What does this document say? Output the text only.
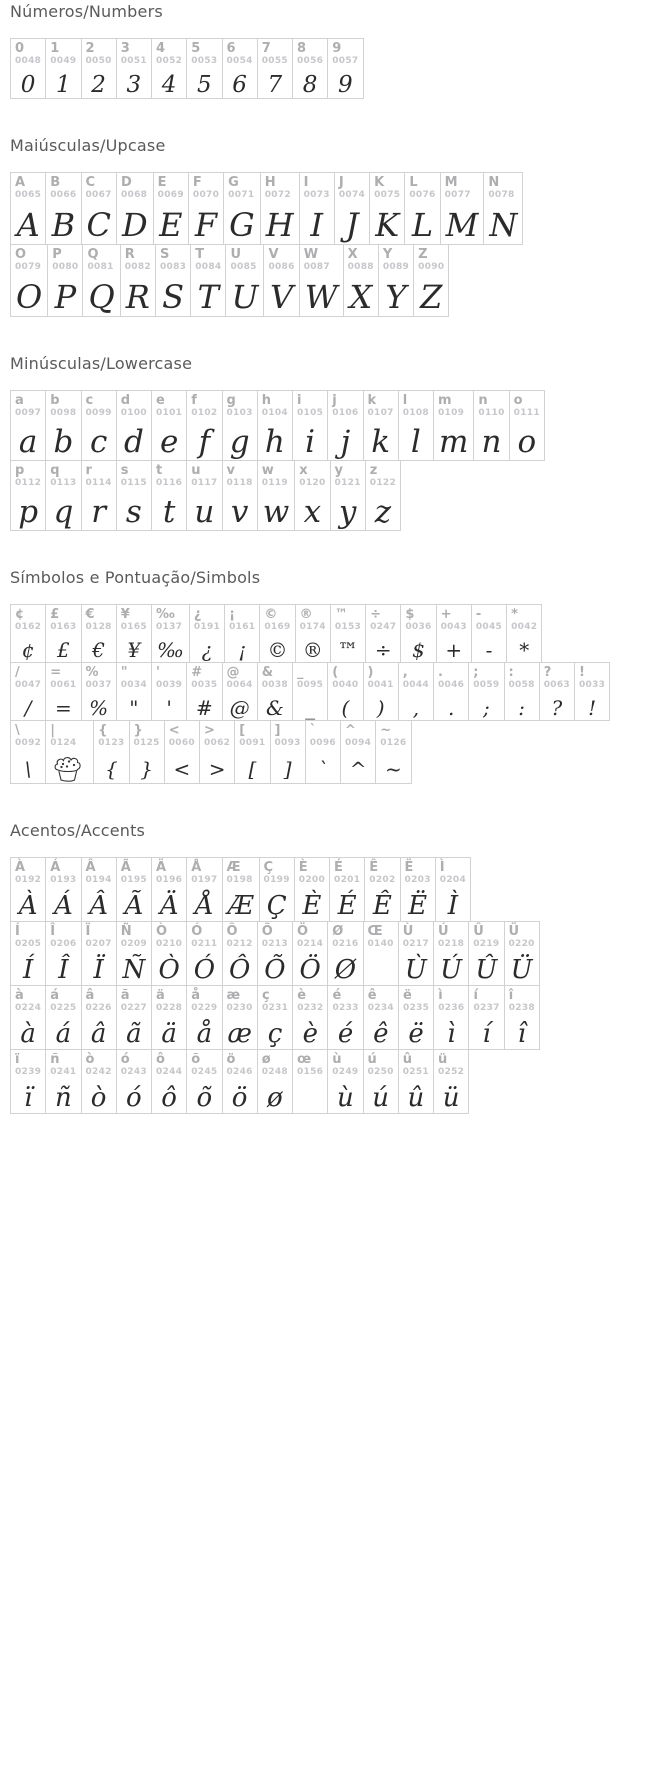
Números/Numbers
0
0048
0
1
0049
1
2
0050
2
3
0051
3
4
0052
4
5
0053
5
6
0054
6
7
0055
7
8
0056
8
9
0057
9
Maiúsculas/Upcase
A
0065
A
B
0066
B
C
0067
C
D
0068
D
E
0069
E
F
0070
F
G
0071
G
H
0072
H
I
0073
I
J
0074
J
K
0075
K
L
0076
L
M
0077
M
N
0078
N
O
0079
O
P
0080
P
Q
0081
Q
R
0082
R
S
0083
S
T
0084
T
U
0085
U
V
0086
V
W
0087
W
X
0088
X
Y
0089
Y
Z
0090
Z
Minúsculas/Lowercase
a
0097
a
b
0098
b
c
0099
c
d
0100
d
e
0101
e
f
0102
f
g
0103
g
h
0104
h
i
0105
i
j
0106
j
k
0107
k
l
0108
l
m
0109
m
n
0110
n
o
0111
o
p
0112
p
q
0113
q
r
0114
r
s
0115
s
t
0116
t
u
0117
u
v
0118
v
w
0119
w
x
0120
x
y
0121
y
z
0122
z
Símbolos e Pontuação/Simbols
¢
0162
¢
£
0163
£
€
0128
€
¥
0165
¥
‰
0137
‰
¿
0191
¿
¡
0161
¡
©
0169
©
®
0174
®
™
0153
™
÷
0247
÷
$
0036
$
+
0043
+
-
0045
-
*
0042
*
/
0047
/
=
0061
=
%
0037
%
"
0034
"
'
0039
'
#
0035
#
@
0064
@
&
0038
&
_
0095
_
(
0040
(
)
0041
)
,
0044
,
.
0046
.
;
0059
;
:
0058
:
?
0063
?
!
0033
!
\
0092
\
|
0124
{
0123
{
}
0125
}
<
0060
<
>
0062
>
[
0091
[
]
0093
]
`
0096
`
^
0094
^
~
0126
~
Acentos/Accents
À
0192
À
Á
0193
Á
Â
0194
Â
Ã
0195
Ã
Ä
0196
Ä
Å
0197
Å
Æ
0198
Æ
Ç
0199
Ç
È
0200
È
É
0201
É
Ê
0202
Ê
Ë
0203
Ë
Ì
0204
Ì
Í
0205
Í
Î
0206
Î
Ï
0207
Ï
Ñ
0209
Ñ
Ò
0210
Ò
Ó
0211
Ó
Ô
0212
Ô
Õ
0213
Õ
Ö
0214
Ö
Ø
0216
Ø
Œ
0140
Ù
0217
Ù
Ú
0218
Ú
Û
0219
Û
Ü
0220
Ü
à
0224
à
á
0225
á
â
0226
â
ã
0227
ã
ä
0228
ä
å
0229
å
æ
0230
æ
ç
0231
ç
è
0232
è
é
0233
é
ê
0234
ê
ë
0235
ë
ì
0236
ì
í
0237
í
î
0238
î
ï
0239
ï
ñ
0241
ñ
ò
0242
ò
ó
0243
ó
ô
0244
ô
õ
0245
õ
ö
0246
ö
ø
0248
ø
œ
0156
ù
0249
ù
ú
0250
ú
û
0251
û
ü
0252
ü
